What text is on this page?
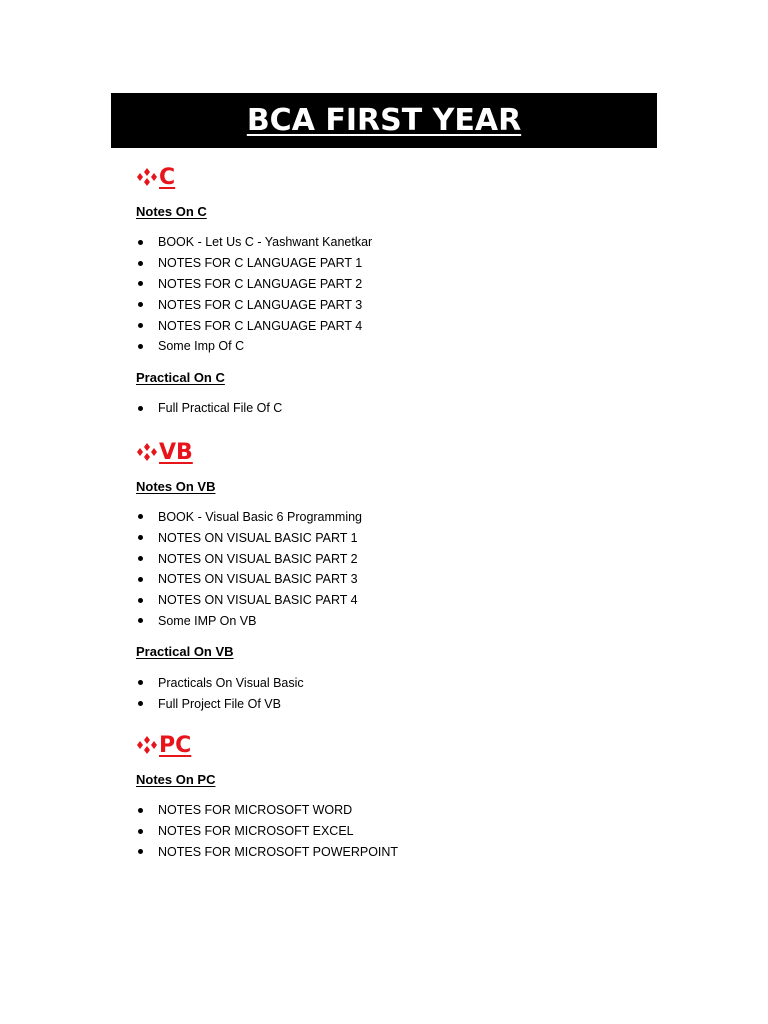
BCA FIRST YEAR
C
Notes On C
BOOK - Let Us C - Yashwant Kanetkar
NOTES FOR C LANGUAGE PART 1
NOTES FOR C LANGUAGE PART 2
NOTES FOR C LANGUAGE PART 3
NOTES FOR C LANGUAGE PART 4
Some Imp Of C
Practical On C
Full Practical File Of C
VB
Notes On VB
BOOK - Visual Basic 6 Programming
NOTES ON VISUAL BASIC PART 1
NOTES ON VISUAL BASIC PART 2
NOTES ON VISUAL BASIC PART 3
NOTES ON VISUAL BASIC PART 4
Some IMP On VB
Practical On VB
Practicals On Visual Basic
Full Project File Of VB
PC
Notes On PC
NOTES FOR MICROSOFT WORD
NOTES FOR MICROSOFT EXCEL
NOTES FOR MICROSOFT POWERPOINT
